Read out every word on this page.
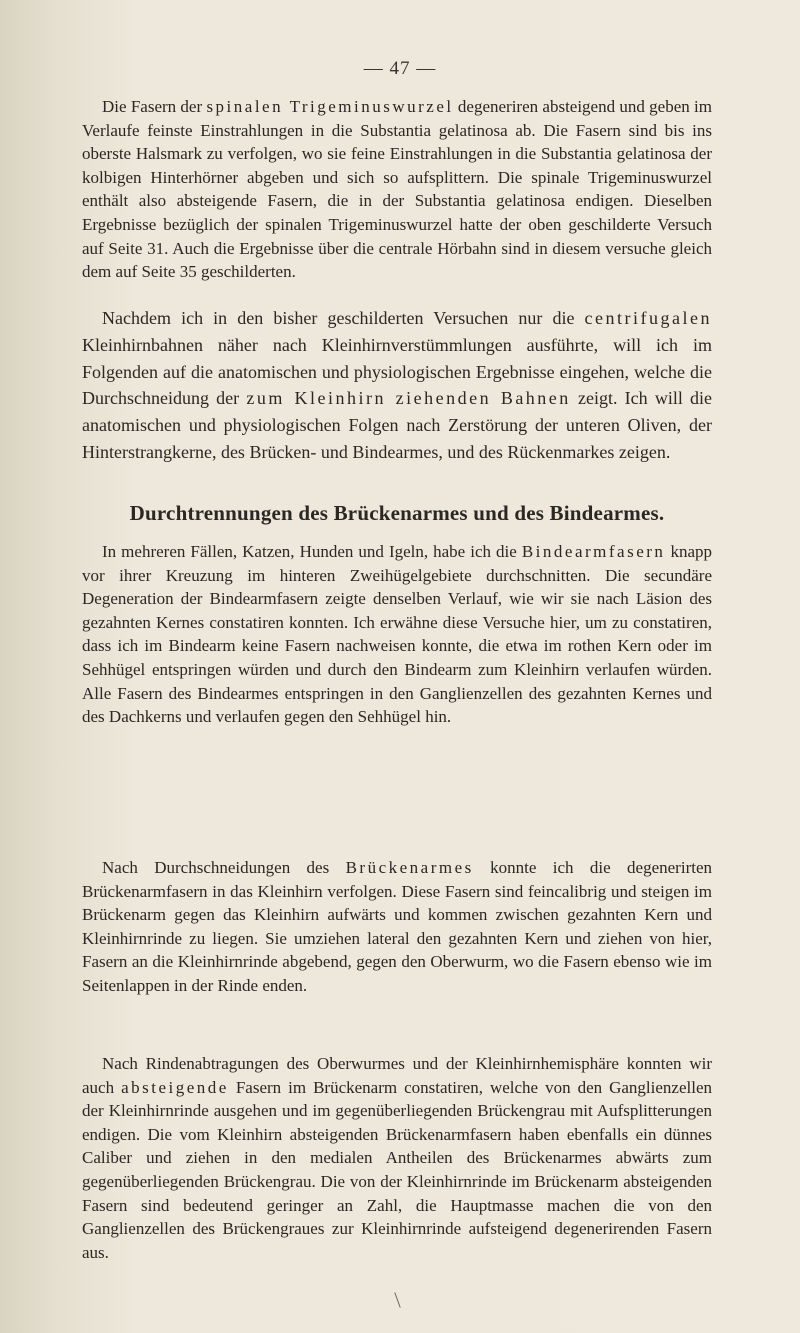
— 47 —

Die Fasern der spinalen Trigeminuswurzel degeneriren absteigend und geben im Verlaufe feinste Einstrahlungen in die Substantia gelatinosa ab. Die Fasern sind bis ins oberste Halsmark zu verfolgen, wo sie feine Einstrahlungen in die Substantia gelatinosa der kolbigen Hinterhörner abgeben und sich so aufsplittern. Die spinale Trigeminuswurzel enthält also absteigende Fasern, die in der Substantia gelatinosa endigen. Dieselben Ergebnisse bezüglich der spinalen Trigeminuswurzel hatte der oben geschilderte Versuch auf Seite 31. Auch die Ergebnisse über die centrale Hörbahn sind in diesem versuche gleich dem auf Seite 35 geschilderten.

Nachdem ich in den bisher geschilderten Versuchen nur die centrifugalen Kleinhirnbahnen näher nach Kleinhirnverstümmlungen ausführte, will ich im Folgenden auf die anatomischen und physiologischen Ergebnisse eingehen, welche die Durchschneidung der zum Kleinhirn ziehenden Bahnen zeigt. Ich will die anatomischen und physiologischen Folgen nach Zerstörung der unteren Oliven, der Hinterstrangkerne, des Brücken- und Bindearmes, und des Rückenmarkes zeigen.

Durchtrennungen des Brückenarmes und des Bindearmes.

In mehreren Fällen, Katzen, Hunden und Igeln, habe ich die Bindearmfasern knapp vor ihrer Kreuzung im hinteren Zweihügelgebiete durchschnitten. Die secundäre Degeneration der Bindearmfasern zeigte denselben Verlauf, wie wir sie nach Läsion des gezahnten Kernes constatiren konnten. Ich erwähne diese Versuche hier, um zu constatiren, dass ich im Bindearm keine Fasern nachweisen konnte, die etwa im rothen Kern oder im Sehhügel entspringen würden und durch den Bindearm zum Kleinhirn verlaufen würden. Alle Fasern des Bindearmes entspringen in den Ganglienzellen des gezahnten Kernes und des Dachkerns und verlaufen gegen den Sehhügel hin.

Nach Durchschneidungen des Brückenarmes konnte ich die degenerirten Brückenarmfasern in das Kleinhirn verfolgen. Diese Fasern sind feincalibrig und steigen im Brückenarm gegen das Kleinhirn aufwärts und kommen zwischen gezahnten Kern und Kleinhirnrinde zu liegen. Sie umziehen lateral den gezahnten Kern und ziehen von hier, Fasern an die Kleinhirnrinde abgebend, gegen den Oberwurm, wo die Fasern ebenso wie im Seitenlappen in der Rinde enden.

Nach Rindenabtragungen des Oberwurmes und der Kleinhirnhemisphäre konnten wir auch absteigende Fasern im Brückenarm constatiren, welche von den Ganglienzellen der Kleinhirnrinde ausgehen und im gegenüberliegenden Brückengrau mit Aufsplitterungen endigen. Die vom Kleinhirn absteigenden Brückenarmfasern haben ebenfalls ein dünnes Caliber und ziehen in den medialen Antheilen des Brückenarmes abwärts zum gegenüberliegenden Brückengrau. Die von der Kleinhirnrinde im Brückenarm absteigenden Fasern sind bedeutend geringer an Zahl, die Hauptmasse machen die von den Ganglienzellen des Brückengraues zur Kleinhirnrinde aufsteigend degenerirenden Fasern aus.
